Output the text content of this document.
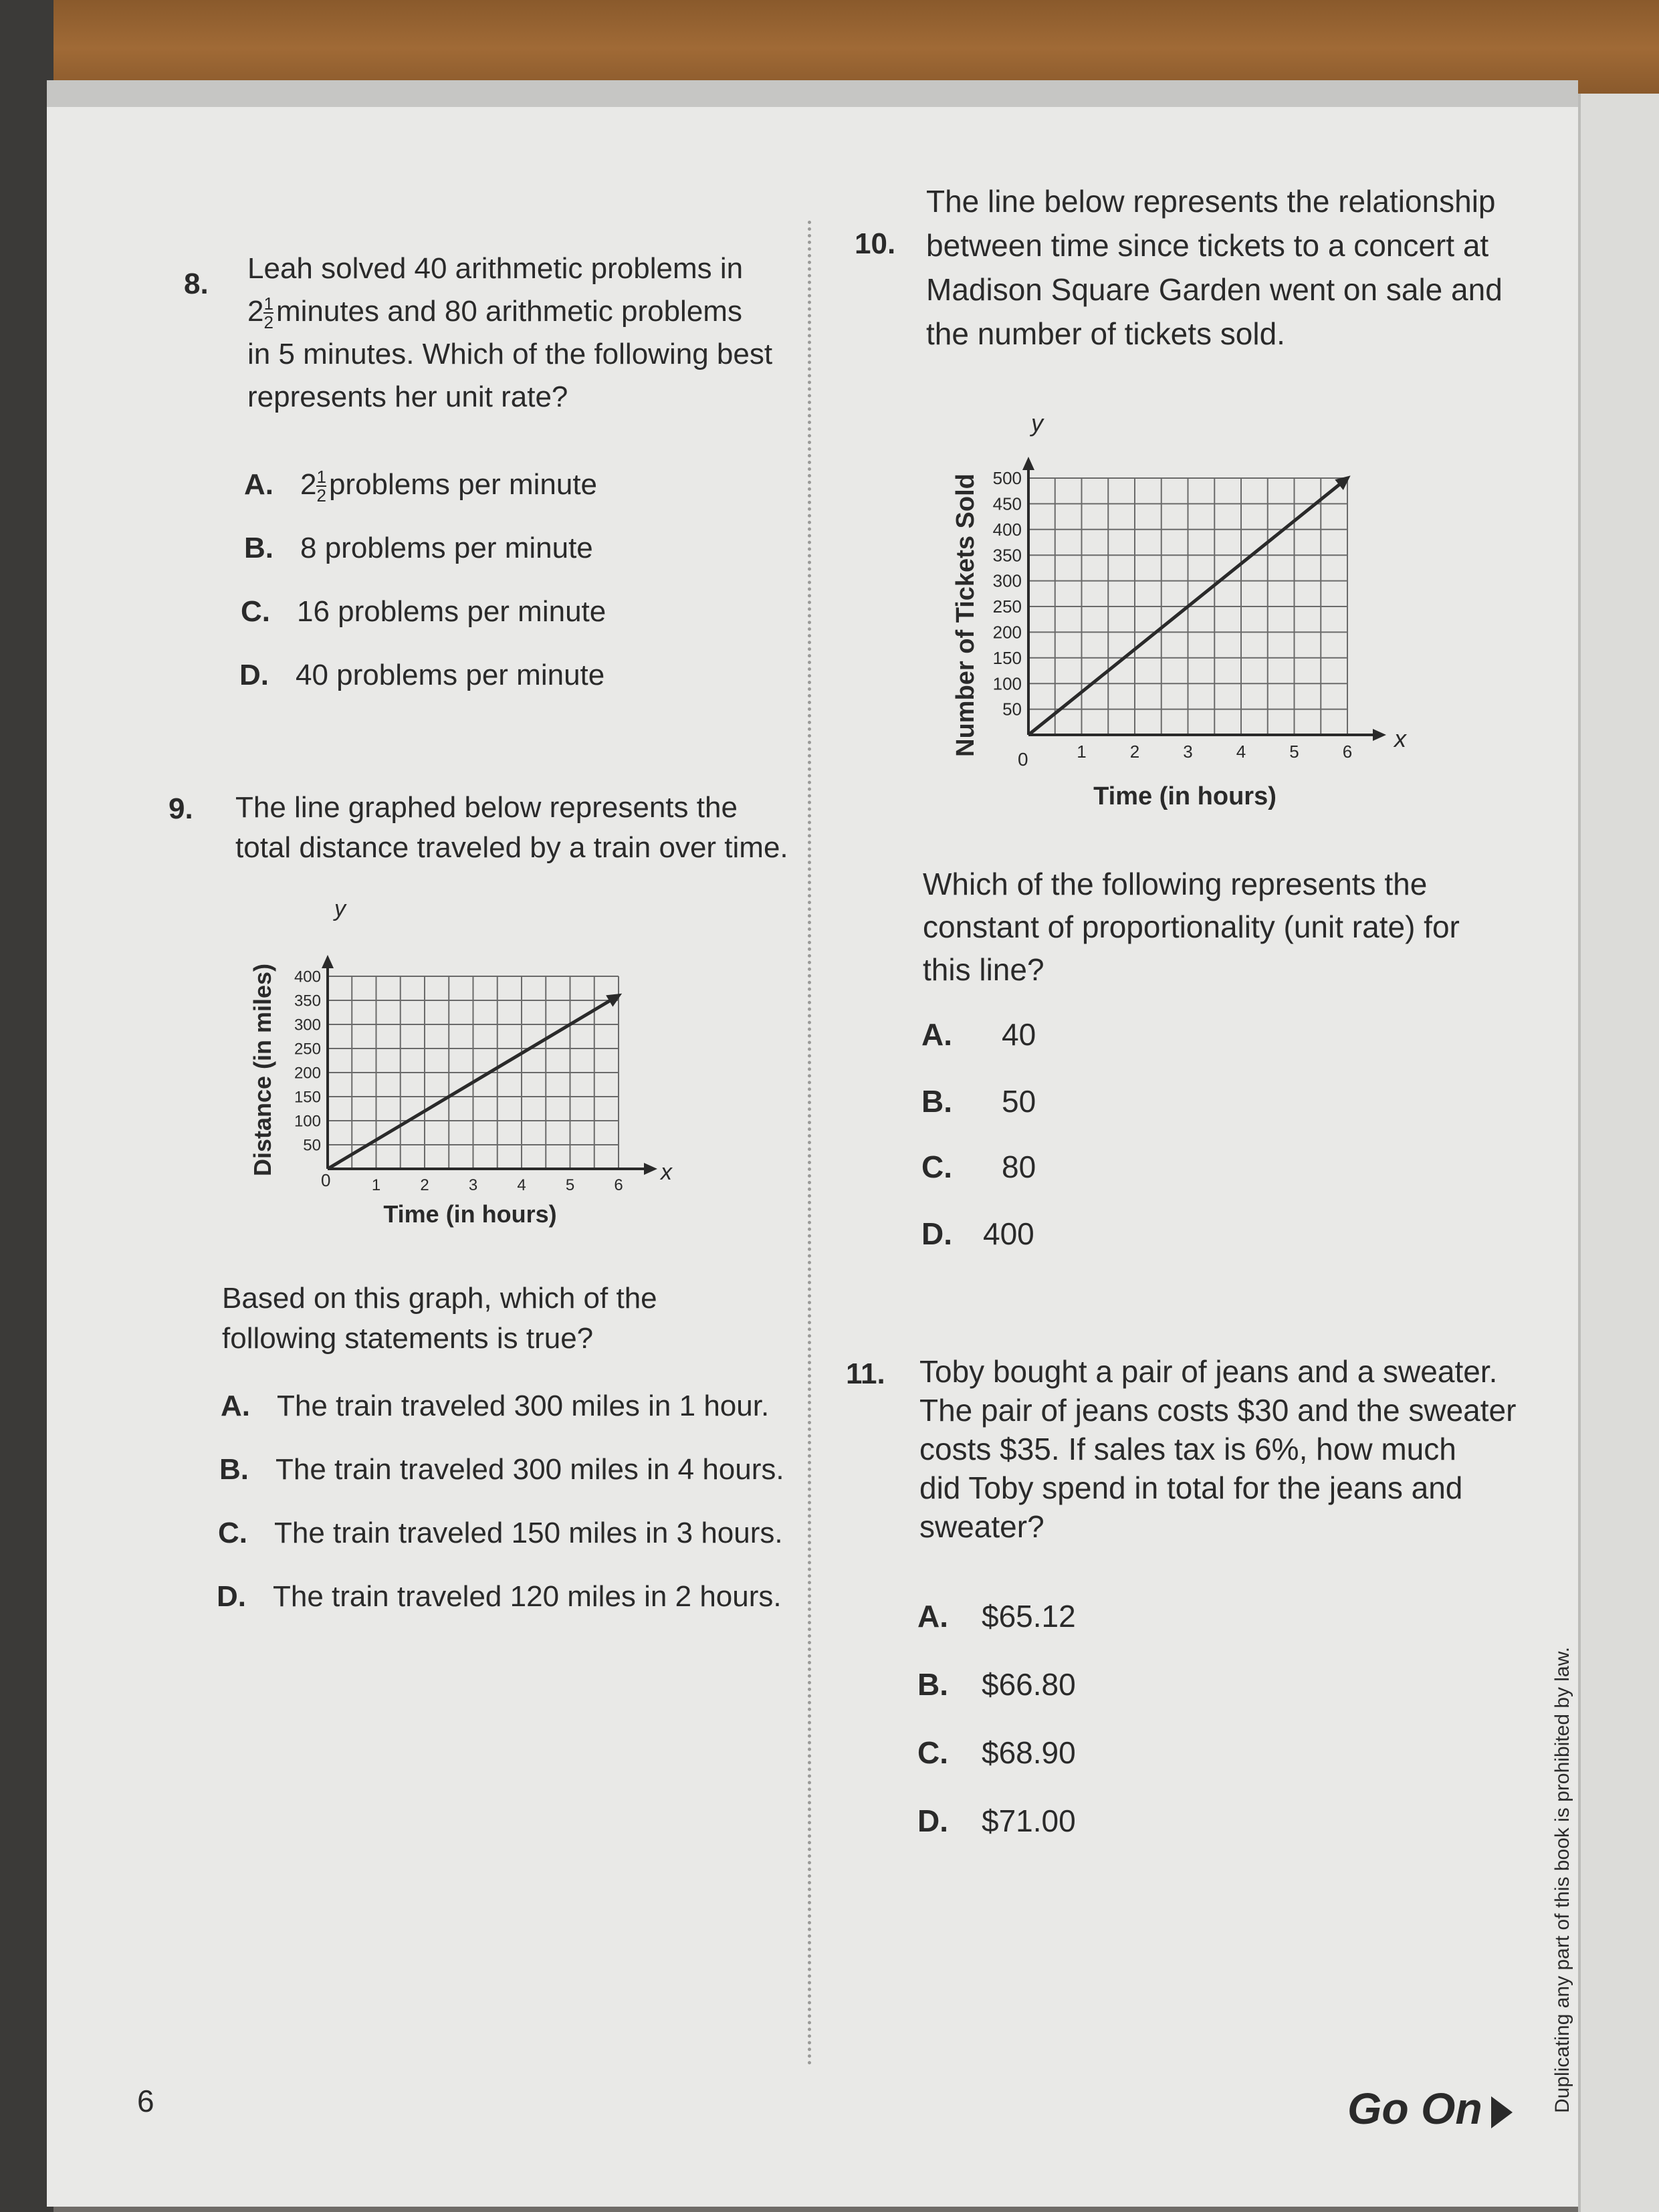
8. Leah solved 40 arithmetic problems in
$2 \frac{1}{2}$ minutes and 80 arithmetic problems
in 5 minutes. Which of the following best
represents her unit rate?
A. $2 \frac{1}{2}$ problems per minute
B. 8 problems per minute
C. 16 problems per minute
D. 40 problems per minute
9. The line graphed below represents the
total distance traveled by a train over time.
1 2 3 4 5 6
50
100
150
200
250
300
350
400
Distance (in miles)
Time (in hours)
y
x
0
Based on this graph, which of the
following statements is true?
A. The train traveled 300 miles in 1 hour.
B. The train traveled 300 miles in 4 hours.
C. The train traveled 150 miles in 3 hours.
D. The train traveled 120 miles in 2 hours.
10.
The line below represents the relationship
between time since tickets to a concert at
Madison Square Garden went on sale and
the number of tickets sold.
1	2	3	4	5	6
50
100
150
200
250
300
350
400
450
500
Number of Tickets Sold
Time (in hours)
y
x
0
Which of the following represents the
constant of proportionality (unit rate) for
this line?
A. 40
B. 50
C. 80
D. 400
11. Toby bought a pair of jeans and a sweater.
The pair of jeans costs $30 and the sweater
costs $35. If sales tax is 6%, how much
did Toby spend in total for the jeans and
sweater?
A. $65.12
B. $66.80
C. $68.90
D. $71.00
6	Go On	Duplicating any part of this book is prohibited by law.
